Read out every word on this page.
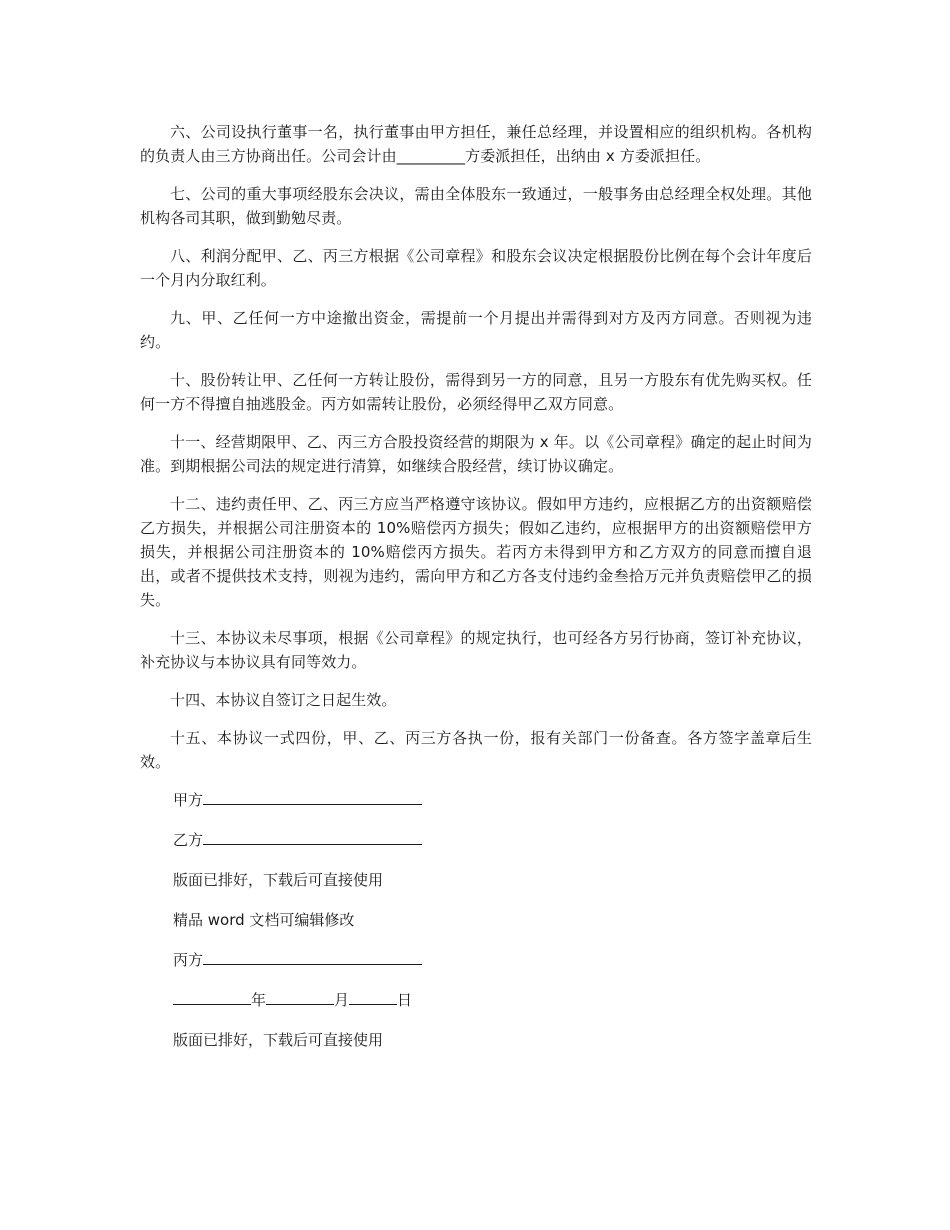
六、公司设执行董事一名，执行董事由甲方担任，兼任总经理，并设置相应的组织机构。各机构的负责人由三方协商出任。公司会计由_________方委派担任，出纳由 x 方委派担任。

七、公司的重大事项经股东会决议，需由全体股东一致通过，一般事务由总经理全权处理。其他机构各司其职，做到勤勉尽责。

八、利润分配甲、乙、丙三方根据《公司章程》和股东会议决定根据股份比例在每个会计年度后一个月内分取红利。

九、甲、乙任何一方中途撤出资金，需提前一个月提出并需得到对方及丙方同意。否则视为违约。

十、股份转让甲、乙任何一方转让股份，需得到另一方的同意，且另一方股东有优先购买权。任何一方不得擅自抽逃股金。丙方如需转让股份，必须经得甲乙双方同意。

十一、经营期限甲、乙、丙三方合股投资经营的期限为 x 年。以《公司章程》确定的起止时间为准。到期根据公司法的规定进行清算，如继续合股经营，续订协议确定。

十二、违约责任甲、乙、丙三方应当严格遵守该协议。假如甲方违约，应根据乙方的出资额赔偿乙方损失，并根据公司注册资本的 10%赔偿丙方损失；假如乙违约，应根据甲方的出资额赔偿甲方损失，并根据公司注册资本的 10%赔偿丙方损失。若丙方未得到甲方和乙方双方的同意而擅自退出，或者不提供技术支持，则视为违约，需向甲方和乙方各支付违约金叁拾万元并负责赔偿甲乙的损失。

十三、本协议未尽事项，根据《公司章程》的规定执行，也可经各方另行协商，签订补充协议，补充协议与本协议具有同等效力。

十四、本协议自签订之日起生效。

十五、本协议一式四份，甲、乙、丙三方各执一份，报有关部门一份备查。各方签字盖章后生效。

甲方
乙方
版面已排好，下载后可直接使用
精品 word 文档可编辑修改
丙方
年	月	日
版面已排好，下载后可直接使用
